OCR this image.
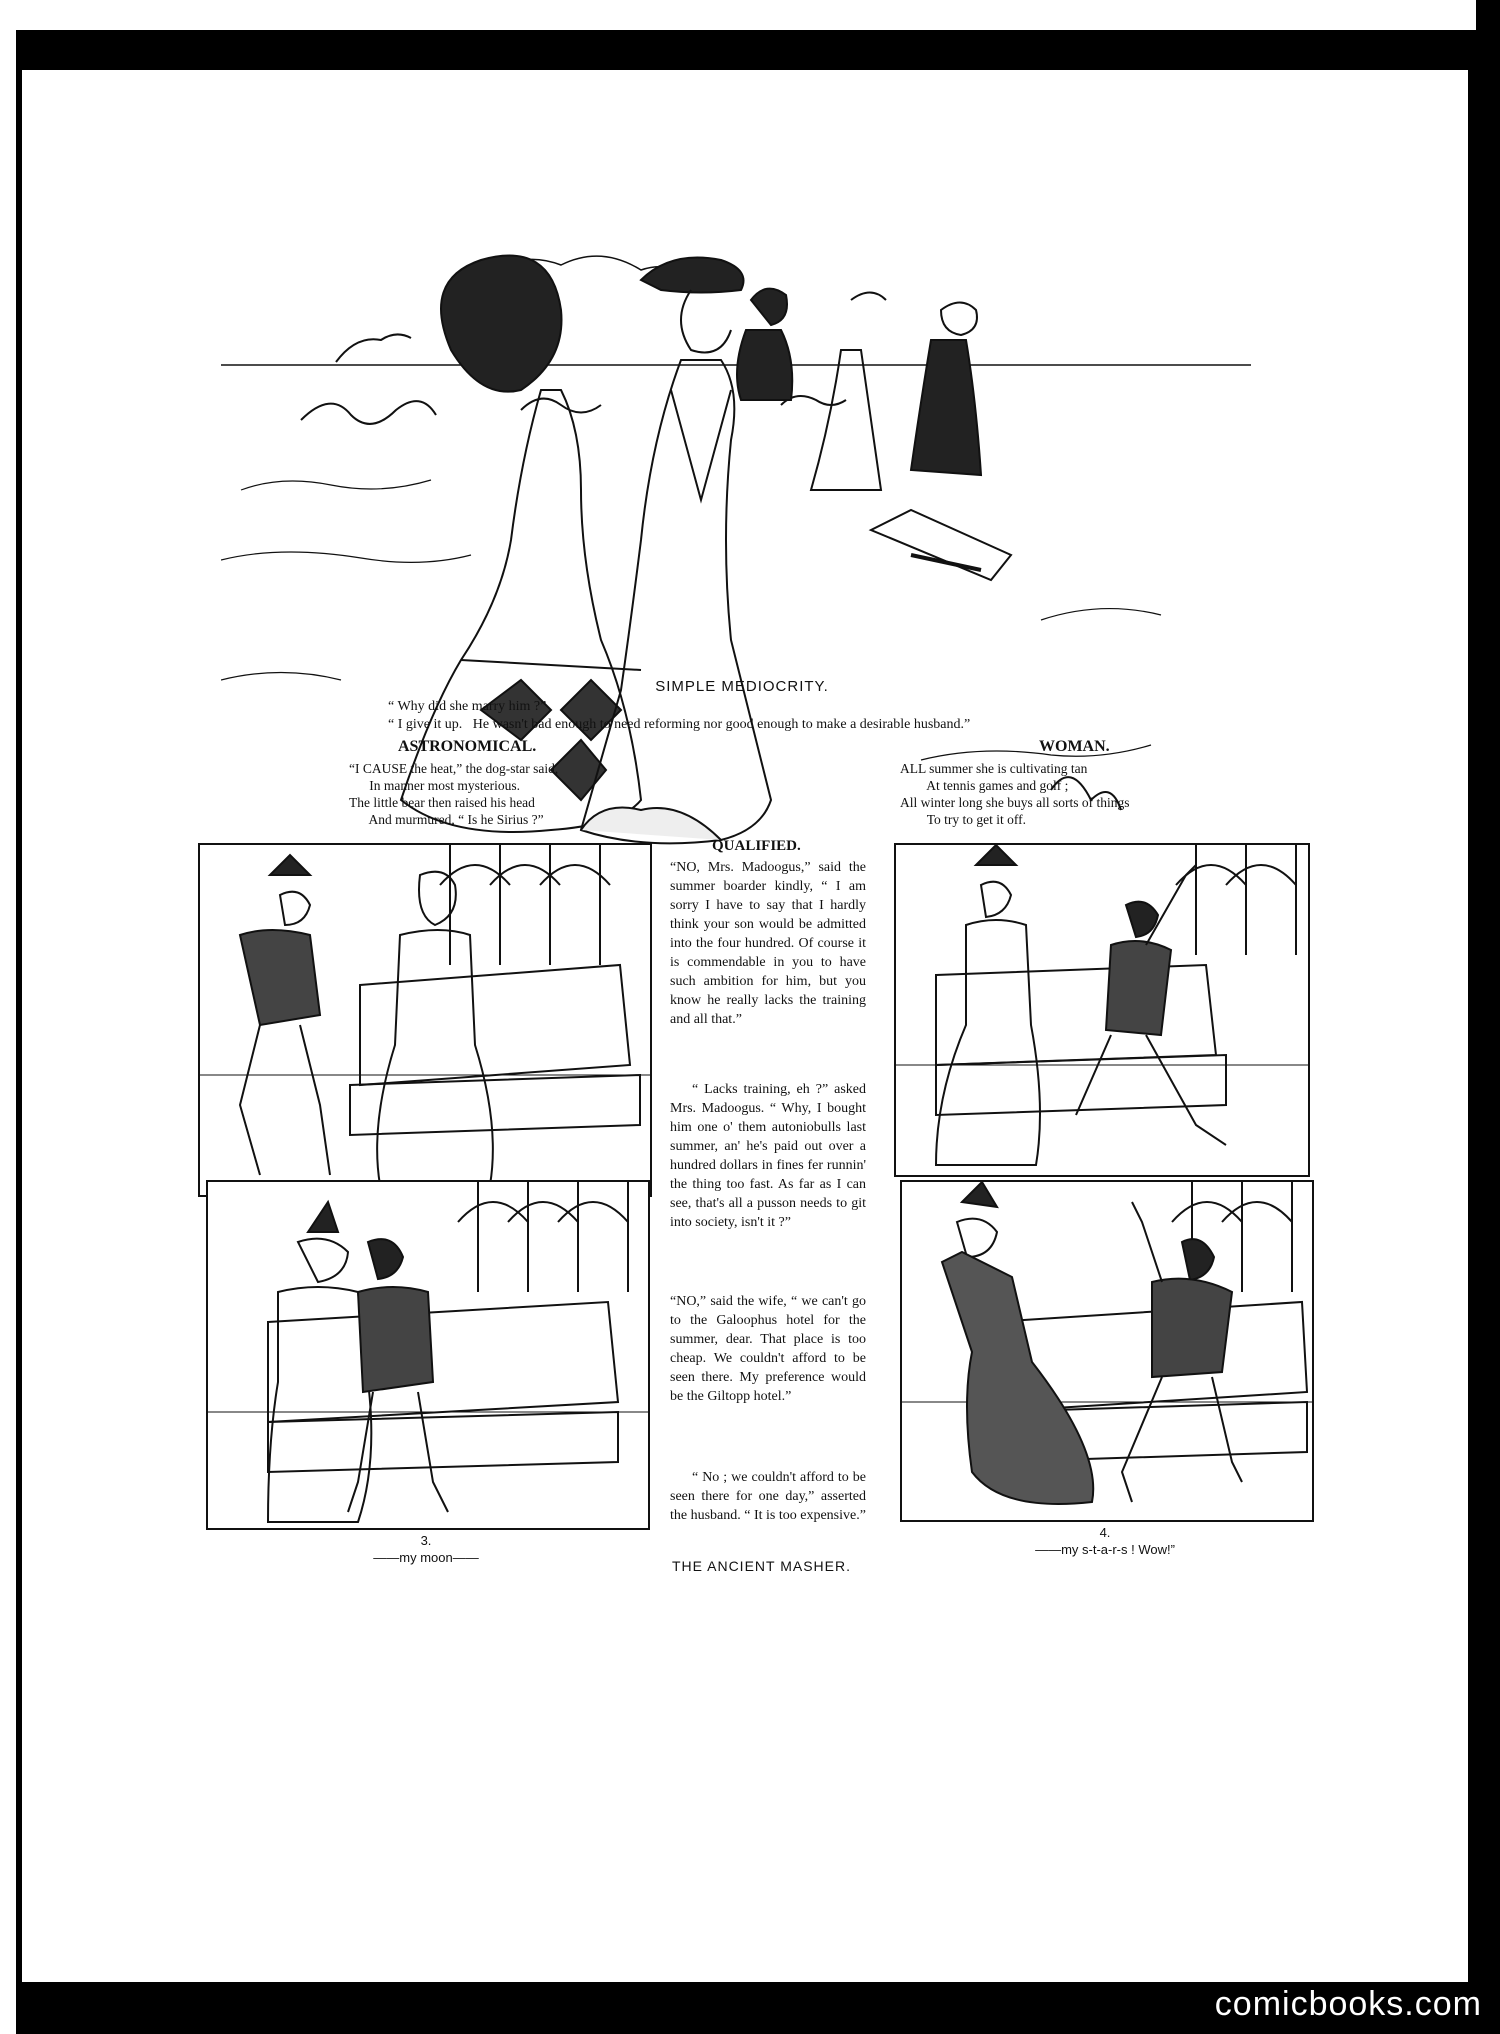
SIMPLE MEDIOCRITY.
“ Why did she marry him ?”
“ I give it up.   He wasn't bad enough to need reforming nor good enough to make a desirable husband.”
ASTRONOMICAL.
“I CAUSE the heat,” the dog-star said,
In manner most mysterious.
The little bear then raised his head
And murmured, “ Is he Sirius ?”
WOMAN.
ALL summer she is cultivating tan
At tennis games and golf ;
All winter long she buys all sorts of things
To try to get it off.
QUALIFIED.
“NO, Mrs. Madoogus,” said the summer boarder kindly, “ I am sorry I have to say that I hardly think your son would be admitted into the four hundred. Of course it is commendable in you to have such ambition for him, but you know he really lacks the training and all that.”
“ Lacks training, eh ?” asked Mrs. Madoogus. “ Why, I bought him one o' them autoniobulls last summer, an' he's paid out over a hundred dollars in fines fer runnin' the thing too fast. As far as I can see, that's all a pusson needs to git into society, isn't it ?”
“NO,” said the wife, “ we can't go to the Galoophus hotel for the summer, dear. That place is too cheap. We couldn't afford to be seen there. My preference would be the Giltopp hotel.”
“ No ; we couldn't afford to be seen there for one day,” asserted the husband. “ It is too expensive.”
3.
——my moon——
4.
——my s-t-a-r-s ! Wow!”
THE ANCIENT MASHER.
comicbooks.com
